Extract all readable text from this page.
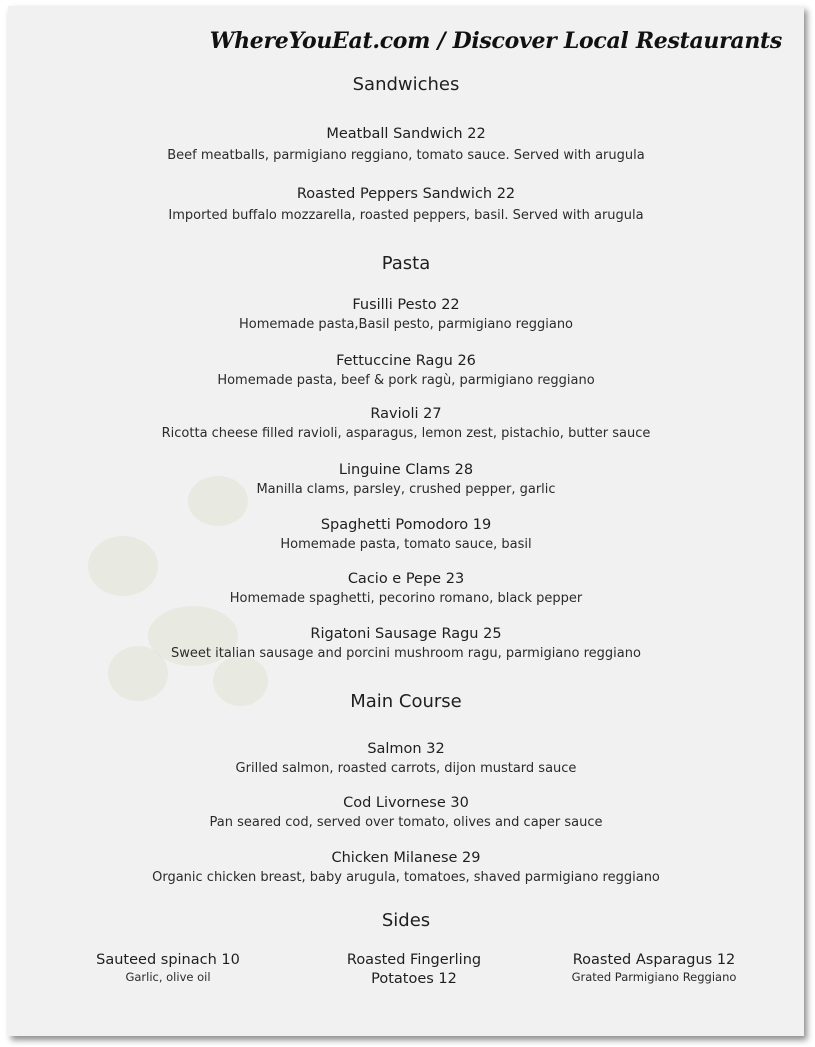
WhereYouEat.com / Discover Local Restaurants
Sandwiches
Meatball Sandwich 22
Beef meatballs, parmigiano reggiano, tomato sauce. Served with arugula
Roasted Peppers Sandwich 22
Imported buffalo mozzarella, roasted peppers, basil. Served with arugula
Pasta
Fusilli Pesto 22
Homemade pasta,Basil pesto, parmigiano reggiano
Fettuccine Ragu 26
Homemade pasta, beef & pork ragù, parmigiano reggiano
Ravioli 27
Ricotta cheese filled ravioli, asparagus, lemon zest, pistachio, butter sauce
Linguine Clams 28
Manilla clams, parsley, crushed pepper, garlic
Spaghetti Pomodoro 19
Homemade pasta, tomato sauce, basil
Cacio e Pepe 23
Homemade spaghetti, pecorino romano, black pepper
Rigatoni Sausage Ragu 25
Sweet italian sausage and porcini mushroom ragu, parmigiano reggiano
Main Course
Salmon 32
Grilled salmon, roasted carrots, dijon mustard sauce
Cod Livornese 30
Pan seared cod, served over tomato, olives and caper sauce
Chicken Milanese 29
Organic chicken breast, baby arugula, tomatoes, shaved parmigiano reggiano
Sides
Sauteed spinach 10
Garlic, olive oil
Roasted Fingerling
Potatoes 12
Roasted Asparagus 12
Grated Parmigiano Reggiano
